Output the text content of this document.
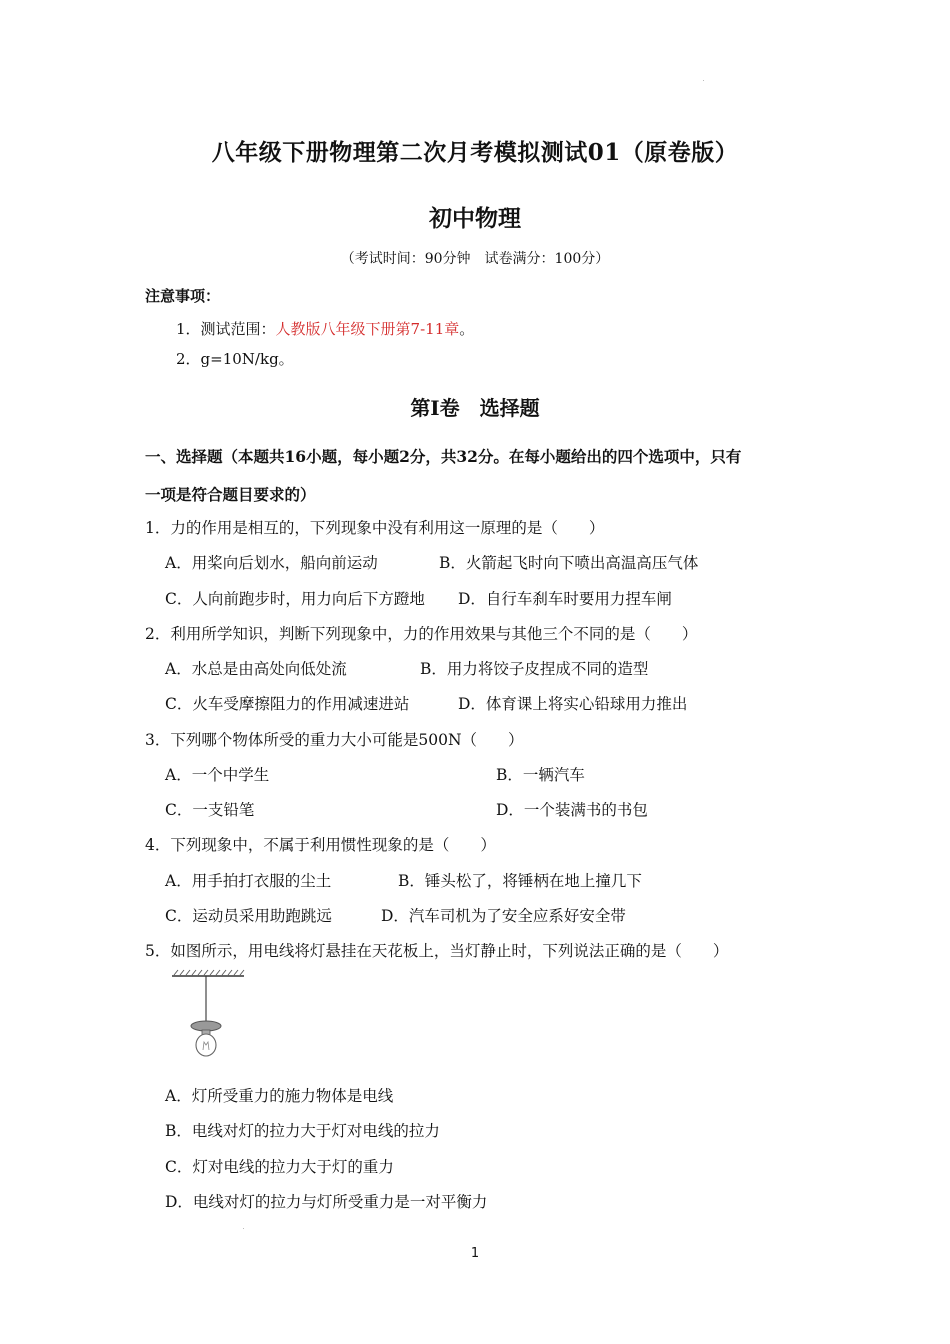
八年级下册物理第二次月考模拟测试01（原卷版）
初中物理
（考试时间：90分钟　试卷满分：100分）
注意事项：
1．测试范围：人教版八年级下册第7-11章。
2．g=10N/kg。
第Ⅰ卷　选择题
一、选择题（本题共16小题，每小题2分，共32分。在每小题给出的四个选项中，只有
一项是符合题目要求的）
1．力的作用是相互的，下列现象中没有利用这一原理的是（　　）
A．用桨向后划水，船向前运动	B．火箭起飞时向下喷出高温高压气体
C．人向前跑步时，用力向后下方蹬地 D．自行车刹车时要用力捏车闸
2．利用所学知识，判断下列现象中，力的作用效果与其他三个不同的是（　　）
A．水总是由高处向低处流	B．用力将饺子皮捏成不同的造型
C．火车受摩擦阻力的作用减速进站	D．体育课上将实心铅球用力推出
3．下列哪个物体所受的重力大小可能是500N（　　）
A．一个中学生	B．一辆汽车
C．一支铅笔	D．一个装满书的书包
4．下列现象中，不属于利用惯性现象的是（　　）
A．用手拍打衣服的尘土	B．锤头松了，将锤柄在地上撞几下
C．运动员采用助跑跳远	D．汽车司机为了安全应系好安全带
5．如图所示，用电线将灯悬挂在天花板上，当灯静止时，下列说法正确的是（　　）
A．灯所受重力的施力物体是电线
B．电线对灯的拉力大于灯对电线的拉力
C．灯对电线的拉力大于灯的重力
D．电线对灯的拉力与灯所受重力是一对平衡力
1
